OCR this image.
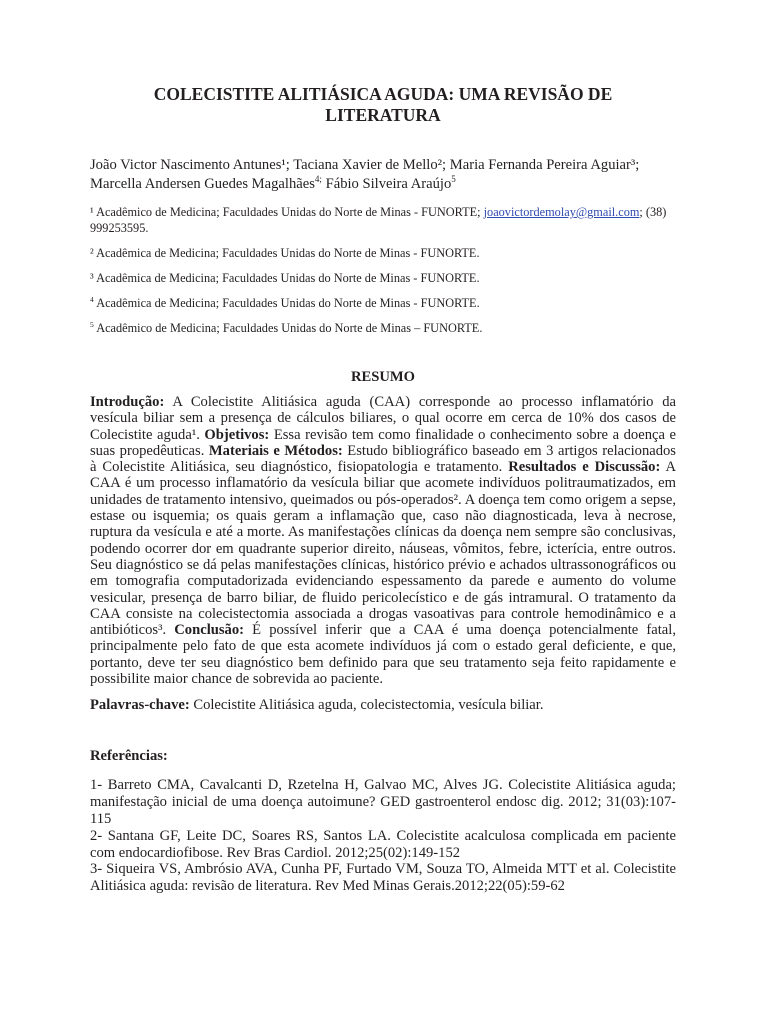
COLECISTITE ALITIÁSICA AGUDA: UMA REVISÃO DE LITERATURA
João Victor Nascimento Antunes¹; Taciana Xavier de Mello²; Maria Fernanda Pereira Aguiar³; Marcella Andersen Guedes Magalhães$^{4;}$ Fábio Silveira Araújo$^5$
¹ Acadêmico de Medicina; Faculdades Unidas do Norte de Minas - FUNORTE; joaovictordemolay@gmail.com; (38) 999253595.
² Acadêmica de Medicina; Faculdades Unidas do Norte de Minas - FUNORTE.
³ Acadêmica de Medicina; Faculdades Unidas do Norte de Minas - FUNORTE.
$^4$ Acadêmica de Medicina; Faculdades Unidas do Norte de Minas - FUNORTE.
$^5$ Acadêmico de Medicina; Faculdades Unidas do Norte de Minas – FUNORTE.
RESUMO
Introdução: A Colecistite Alitiásica aguda (CAA) corresponde ao processo inflamatório da vesícula biliar sem a presença de cálculos biliares, o qual ocorre em cerca de 10% dos casos de Colecistite aguda¹. Objetivos: Essa revisão tem como finalidade o conhecimento sobre a doença e suas propedêuticas. Materiais e Métodos: Estudo bibliográfico baseado em 3 artigos relacionados à Colecistite Alitiásica, seu diagnóstico, fisiopatologia e tratamento. Resultados e Discussão: A CAA é um processo inflamatório da vesícula biliar que acomete indivíduos politraumatizados, em unidades de tratamento intensivo, queimados ou pós-operados². A doença tem como origem a sepse, estase ou isquemia; os quais geram a inflamação que, caso não diagnosticada, leva à necrose, ruptura da vesícula e até a morte. As manifestações clínicas da doença nem sempre são conclusivas, podendo ocorrer dor em quadrante superior direito, náuseas, vômitos, febre, icterícia, entre outros. Seu diagnóstico se dá pelas manifestações clínicas, histórico prévio e achados ultrassonográficos ou em tomografia computadorizada evidenciando espessamento da parede e aumento do volume vesicular, presença de barro biliar, de fluido pericolecístico e de gás intramural. O tratamento da CAA consiste na colecistectomia associada a drogas vasoativas para controle hemodinâmico e a antibióticos³. Conclusão: É possível inferir que a CAA é uma doença potencialmente fatal, principalmente pelo fato de que esta acomete indivíduos já com o estado geral deficiente, e que, portanto, deve ter seu diagnóstico bem definido para que seu tratamento seja feito rapidamente e possibilite maior chance de sobrevida ao paciente.
Palavras-chave: Colecistite Alitiásica aguda, colecistectomia, vesícula biliar.
Referências:

1- Barreto CMA, Cavalcanti D, Rzetelna H, Galvao MC, Alves JG. Colecistite Alitiásica aguda; manifestação inicial de uma doença autoimune? GED gastroenterol endosc dig. 2012; 31(03):107-115

2- Santana GF, Leite DC, Soares RS, Santos LA. Colecistite acalculosa complicada em paciente com endocardiofibose. Rev Bras Cardiol. 2012;25(02):149-152

3- Siqueira VS, Ambrósio AVA, Cunha PF, Furtado VM, Souza TO, Almeida MTT et al. Colecistite Alitiásica aguda: revisão de literatura. Rev Med Minas Gerais.2012;22(05):59-62
